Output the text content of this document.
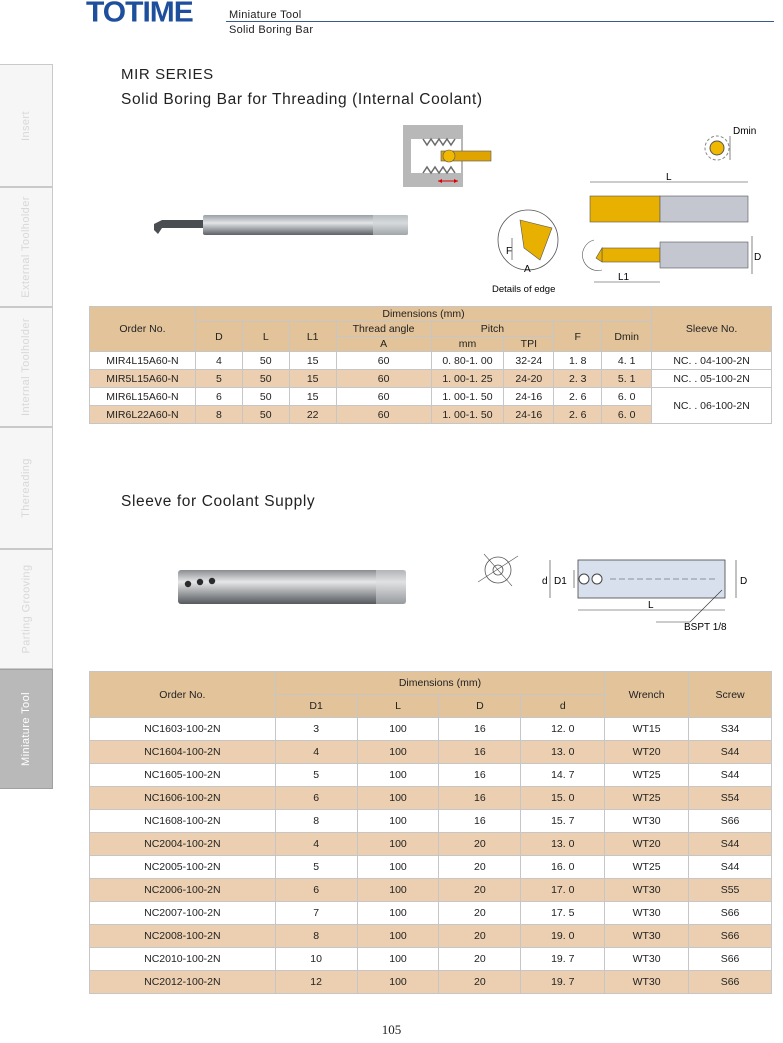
TOTIME	Miniature Tool
Solid Boring Bar
Insert
External Toolholder
Internal Toolholder
Thereading
Parting Grooving
Miniature Tool
MIR SERIES
Solid Boring Bar for Threading (Internal Coolant)
Dmin
L
D
L1
F
A
Details of edge
Order No.	Dimensions (mm)								Sleeve No.
	D	L	L1	Thread angle	Pitch		F	Dmin	
				A	mm	TPI			
MIR4L15A60-N	4	50	15	60	0. 80-1. 00	32-24	1. 8	4. 1	NC. . 04-100-2N
MIR5L15A60-N	5	50	15	60	1. 00-1. 25	24-20	2. 3	5. 1	NC. . 05-100-2N
MIR6L15A60-N	6	50	15	60	1. 00-1. 50	24-16	2. 6	6. 0	NC. . 06-100-2N
MIR6L22A60-N	8	50	22	60	1. 00-1. 50	24-16	2. 6	6. 0	
Sleeve for Coolant Supply
d D1	D
L
BSPT 1/8
Order No.	Dimensions (mm)				Wrench	Screw
	D1	L	D	d		
NC1603-100-2N	3	100	16	12. 0	WT15	S34
NC1604-100-2N	4	100	16	13. 0	WT20	S44
NC1605-100-2N	5	100	16	14. 7	WT25	S44
NC1606-100-2N	6	100	16	15. 0	WT25	S54
NC1608-100-2N	8	100	16	15. 7	WT30	S66
NC2004-100-2N	4	100	20	13. 0	WT20	S44
NC2005-100-2N	5	100	20	16. 0	WT25	S44
NC2006-100-2N	6	100	20	17. 0	WT30	S55
NC2007-100-2N	7	100	20	17. 5	WT30	S66
NC2008-100-2N	8	100	20	19. 0	WT30	S66
NC2010-100-2N	10	100	20	19. 7	WT30	S66
NC2012-100-2N	12	100	20	19. 7	WT30	S66
105
